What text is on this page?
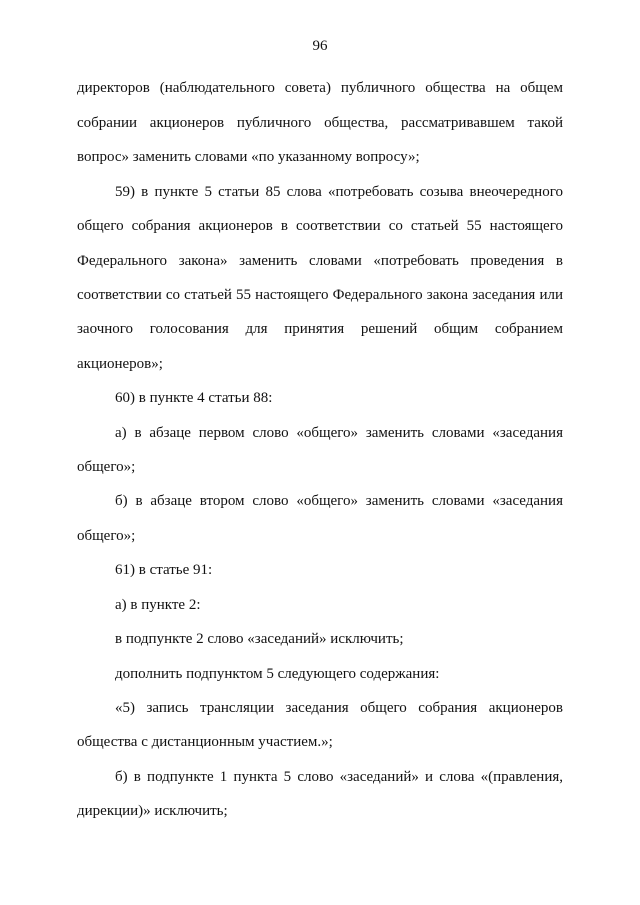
96
директоров (наблюдательного совета) публичного общества на общем
собрании акционеров публичного общества, рассматривавшем такой
вопрос» заменить словами «по указанному вопросу»;
59) в пункте 5 статьи 85 слова «потребовать созыва внеочередного
общего собрания акционеров в соответствии со статьей 55 настоящего
Федерального закона» заменить словами «потребовать проведения в
соответствии со статьей 55 настоящего Федерального закона заседания или
заочного голосования для принятия решений общим собранием
акционеров»;
60) в пункте 4 статьи 88:
а) в абзаце первом слово «общего» заменить словами «заседания
общего»;
б) в абзаце втором слово «общего» заменить словами «заседания
общего»;
61) в статье 91:
а) в пункте 2:
в подпункте 2 слово «заседаний» исключить;
дополнить подпунктом 5 следующего содержания:
«5) запись трансляции заседания общего собрания акционеров
общества с дистанционным участием.»;
б) в подпункте 1 пункта 5 слово «заседаний» и слова «(правления,
дирекции)» исключить;
